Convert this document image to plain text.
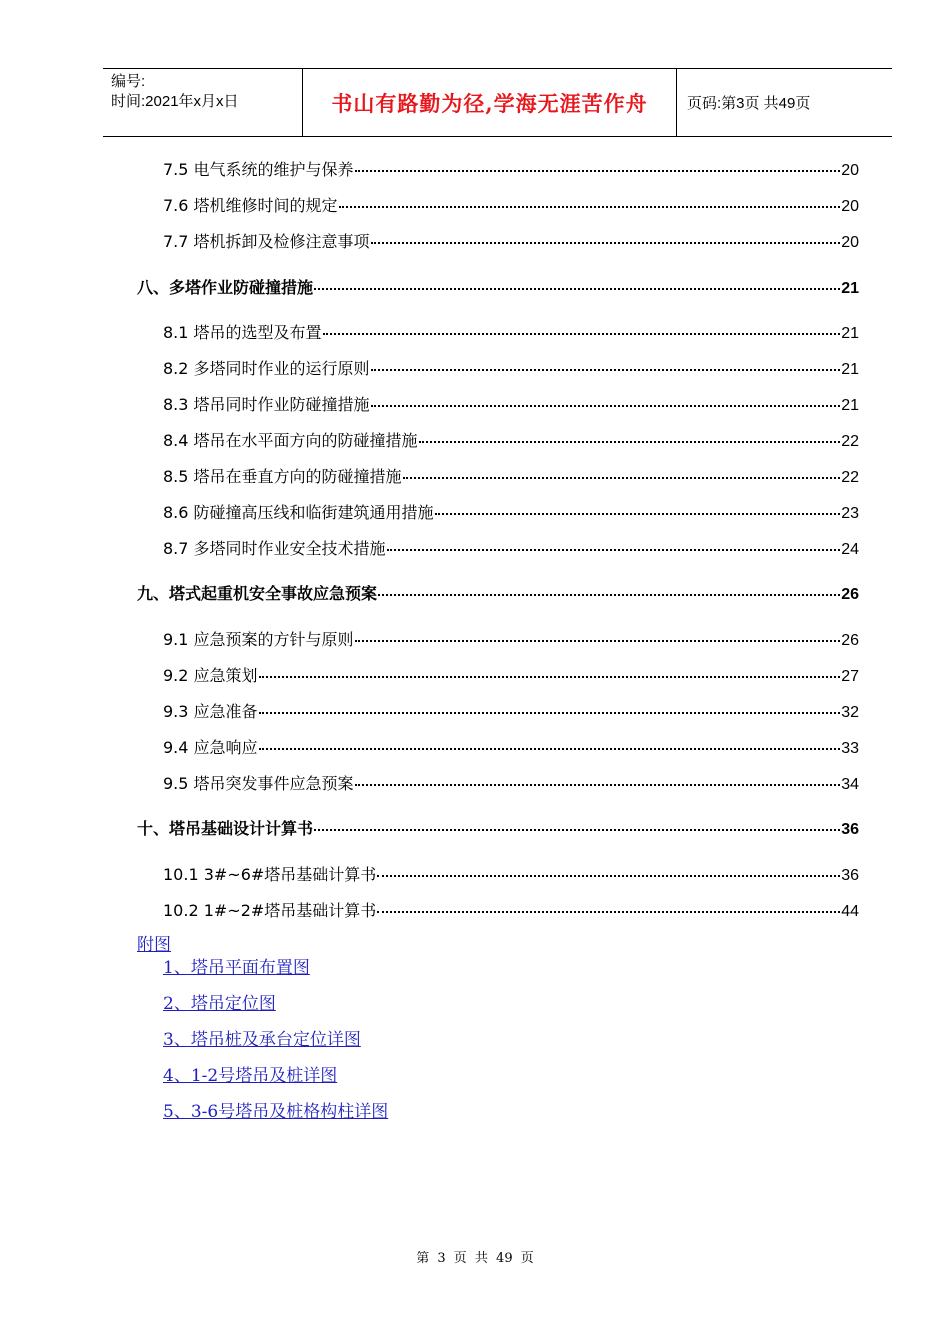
编号:
时间:2021年x月x日	书山有路勤为径,学海无涯苦作舟	页码:第3页 共49页
7.5 电气系统的维护与保养	20
7.6 塔机维修时间的规定	20
7.7 塔机拆卸及检修注意事项	20
八、多塔作业防碰撞措施	21
8.1 塔吊的选型及布置	21
8.2 多塔同时作业的运行原则	21
8.3 塔吊同时作业防碰撞措施	21
8.4 塔吊在水平面方向的防碰撞措施	22
8.5 塔吊在垂直方向的防碰撞措施	22
8.6 防碰撞高压线和临街建筑通用措施	23
8.7 多塔同时作业安全技术措施	24
九、塔式起重机安全事故应急预案	26
9.1 应急预案的方针与原则	26
9.2 应急策划	27
9.3 应急准备	32
9.4 应急响应	33
9.5 塔吊突发事件应急预案	34
十、塔吊基础设计计算书	36
10.1 3#~6#塔吊基础计算书	36
10.2 1#~2#塔吊基础计算书	44
附图
1、塔吊平面布置图
2、塔吊定位图
3、塔吊桩及承台定位详图
4、1-2号塔吊及桩详图
5、3-6号塔吊及桩格构柱详图
第 3 页 共 49 页
